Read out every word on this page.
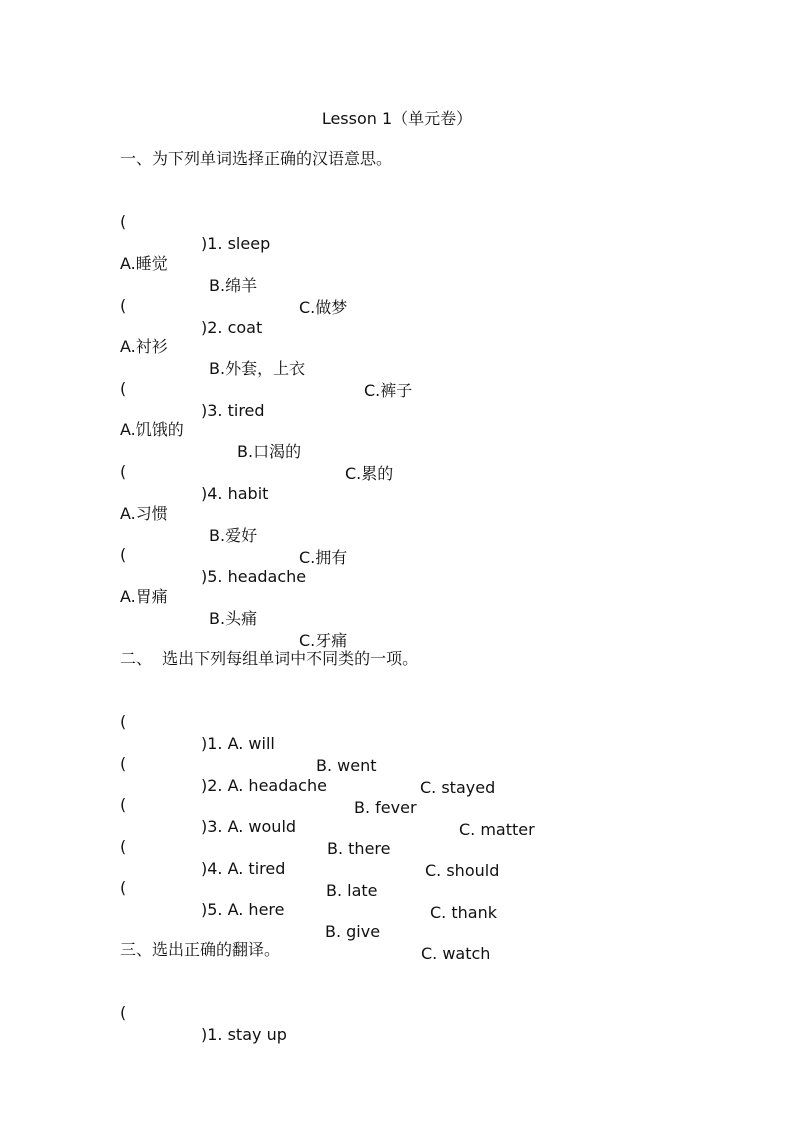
Lesson 1（单元卷）
一、为下列单词选择正确的汉语意思。

(

)1. sleep

A.睡觉

B.绵羊

C.做梦

(

)2. coat

A.衬衫

B.外套，上衣

C.裤子

(

)3. tired

A.饥饿的

B.口渴的

C.累的

(

)4. habit

A.习惯

B.爱好

C.拥有

(

)5. headache

A.胃痛

B.头痛

C.牙痛

二、  选出下列每组单词中不同类的一项。

(

)1. A. will

B. went

C. stayed

(

)2. A. headache

B. fever

C. matter

(

)3. A. would

B. there

C. should

(

)4. A. tired

B. late

C. thank

(

)5. A. here

B. give

C. watch

三、选出正确的翻译。

(

)1. stay up
